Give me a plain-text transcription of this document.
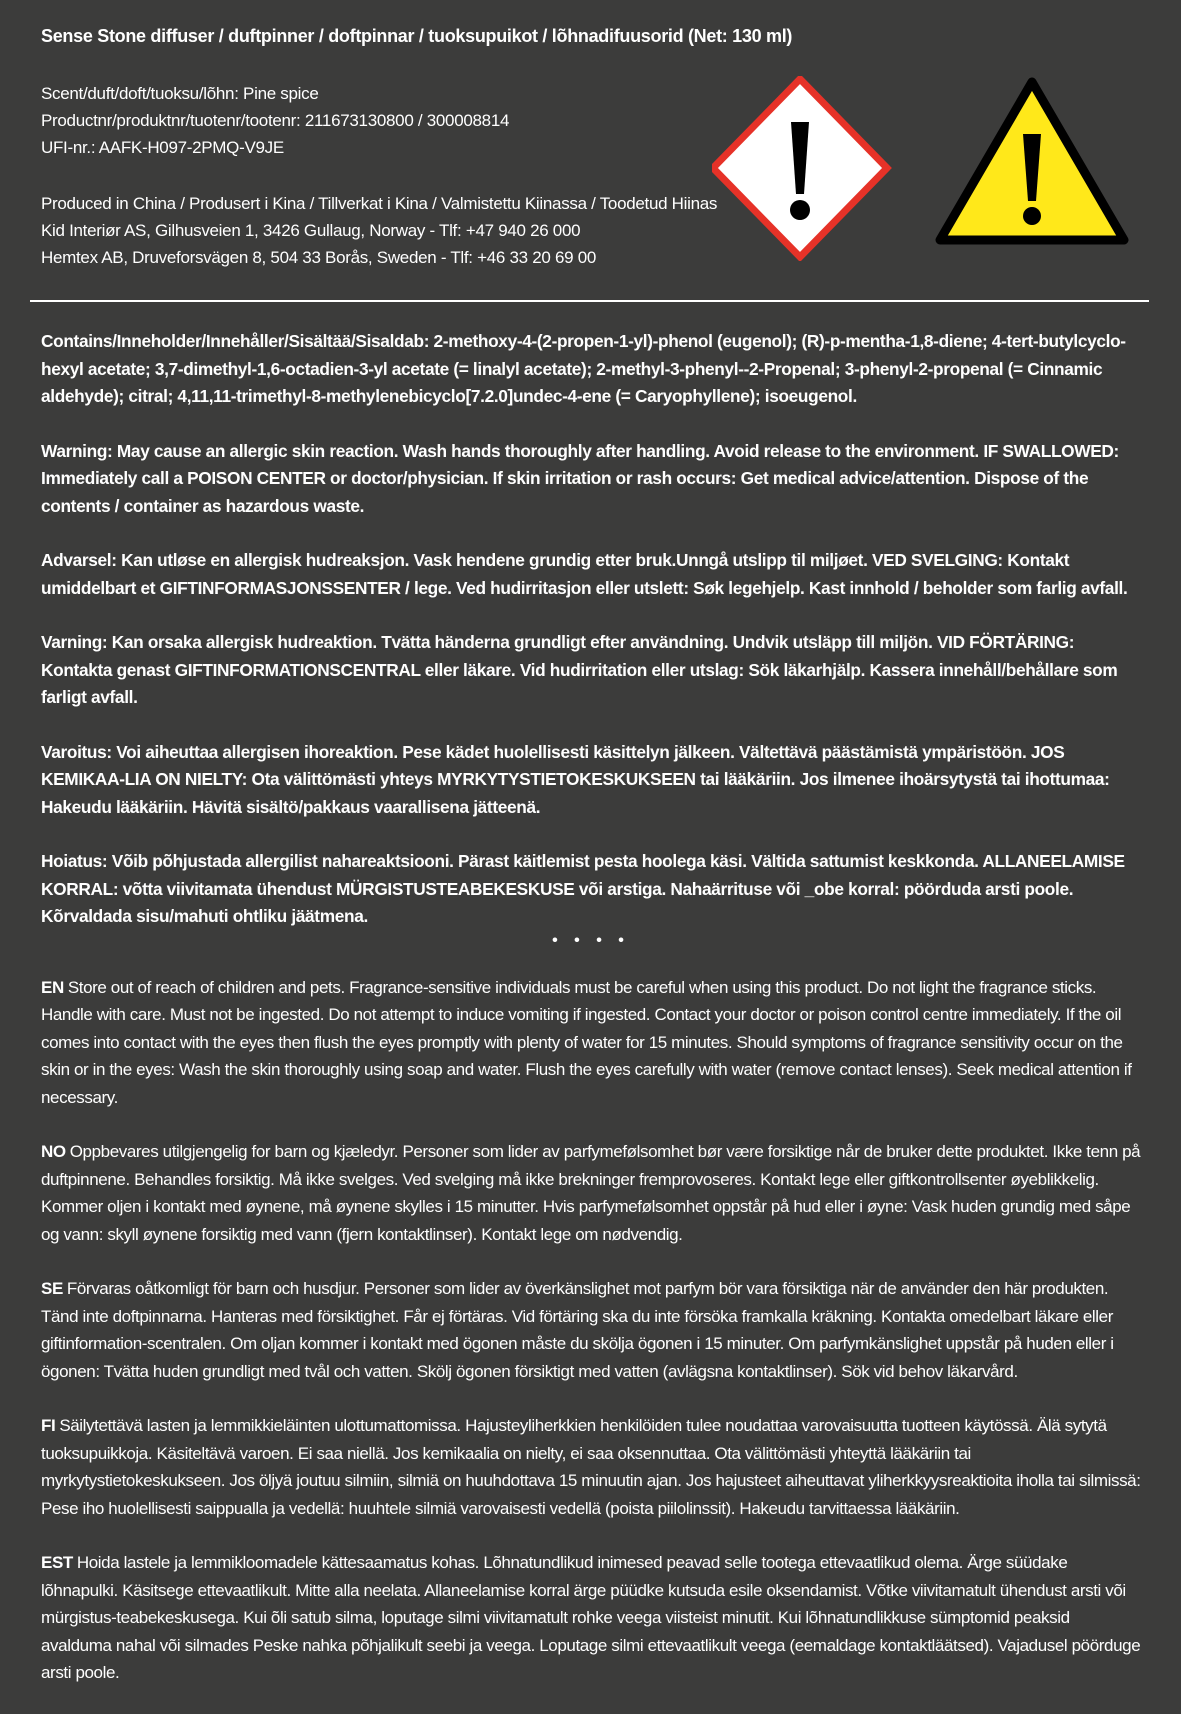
Sense Stone diffuser / duftpinner / doftpinnar / tuoksupuikot / lõhnadifuusorid (Net: 130 ml)
Scent/duft/doft/tuoksu/lõhn: Pine spice
Productnr/produktnr/tuotenr/tootenr: 211673130800 / 300008814
UFI-nr.: AAFK-H097-2PMQ-V9JE
Produced in China / Produsert i Kina / Tillverkat i Kina / Valmistettu Kiinassa / Toodetud Hiinas
Kid Interiør AS, Gilhusveien 1, 3426 Gullaug, Norway - Tlf: +47 940 26 000
Hemtex AB, Druveforsvägen 8, 504 33 Borås, Sweden - Tlf: +46 33 20 69 00

Contains/Inneholder/Innehåller/Sisältää/Sisaldab: 2-methoxy-4-(2-propen-1-yl)-phenol (eugenol); (R)-p-mentha-1,8-diene; 4-tert-butylcyclo-hexyl acetate; 3,7-dimethyl-1,6-octadien-3-yl acetate (= linalyl acetate); 2-methyl-3-phenyl--2-Propenal; 3-phenyl-2-propenal (= Cinnamic aldehyde); citral; 4,11,11-trimethyl-8-methylenebicyclo[7.2.0]undec-4-ene (= Caryophyllene); isoeugenol.

Warning: May cause an allergic skin reaction. Wash hands thoroughly after handling. Avoid release to the environment. IF SWALLOWED: Immediately call a POISON CENTER or doctor/physician. If skin irritation or rash occurs: Get medical advice/attention. Dispose of the contents / container as hazardous waste.

Advarsel: Kan utløse en allergisk hudreaksjon. Vask hendene grundig etter bruk.Unngå utslipp til miljøet. VED SVELGING: Kontakt umiddelbart et GIFTINFORMASJONSSENTER / lege. Ved hudirritasjon eller utslett: Søk legehjelp. Kast innhold / beholder som farlig avfall.

Varning: Kan orsaka allergisk hudreaktion. Tvätta händerna grundligt efter användning. Undvik utsläpp till miljön. VID FÖRTÄRING: Kontakta genast GIFTINFORMATIONSCENTRAL eller läkare. Vid hudirritation eller utslag: Sök läkarhjälp. Kassera innehåll/behållare som farligt avfall.

Varoitus: Voi aiheuttaa allergisen ihoreaktion. Pese kädet huolellisesti käsittelyn jälkeen. Vältettävä päästämistä ympäristöön. JOS KEMIKAA-LIA ON NIELTY: Ota välittömästi yhteys MYRKYTYSTIETOKESKUKSEEN tai lääkäriin. Jos ilmenee ihoärsytystä tai ihottumaa: Hakeudu lääkäriin. Hävitä sisältö/pakkaus vaarallisena jätteenä.

Hoiatus: Võib põhjustada allergilist nahareaktsiooni. Pärast käitlemist pesta hoolega käsi. Vältida sattumist keskkonda. ALLANEELAMISE KORRAL: võtta viivitamata ühendust MÜRGISTUSTEABEKESKUSE või arstiga. Nahaärrituse või _obe korral: pöörduda arsti poole. Kõrvaldada sisu/mahuti ohtliku jäätmena.

• • • •

EN Store out of reach of children and pets. Fragrance-sensitive individuals must be careful when using this product. Do not light the fragrance sticks. Handle with care. Must not be ingested. Do not attempt to induce vomiting if ingested. Contact your doctor or poison control centre immediately. If the oil comes into contact with the eyes then flush the eyes promptly with plenty of water for 15 minutes. Should symptoms of fragrance sensitivity occur on the skin or in the eyes: Wash the skin thoroughly using soap and water. Flush the eyes carefully with water (remove contact lenses). Seek medical attention if necessary.

NO Oppbevares utilgjengelig for barn og kjæledyr. Personer som lider av parfymefølsomhet bør være forsiktige når de bruker dette produktet. Ikke tenn på duftpinnene. Behandles forsiktig. Må ikke svelges. Ved svelging må ikke brekninger fremprovoseres. Kontakt lege eller giftkontrollsenter øyeblikkelig. Kommer oljen i kontakt med øynene, må øynene skylles i 15 minutter. Hvis parfymefølsomhet oppstår på hud eller i øyne: Vask huden grundig med såpe og vann: skyll øynene forsiktig med vann (fjern kontaktlinser). Kontakt lege om nødvendig.

SE Förvaras oåtkomligt för barn och husdjur. Personer som lider av överkänslighet mot parfym bör vara försiktiga när de använder den här produkten. Tänd inte doftpinnarna. Hanteras med försiktighet. Får ej förtäras. Vid förtäring ska du inte försöka framkalla kräkning. Kontakta omedelbart läkare eller giftinformation-scentralen. Om oljan kommer i kontakt med ögonen måste du skölja ögonen i 15 minuter. Om parfymkänslighet uppstår på huden eller i ögonen: Tvätta huden grundligt med tvål och vatten. Skölj ögonen försiktigt med vatten (avlägsna kontaktlinser). Sök vid behov läkarvård.

FI Säilytettävä lasten ja lemmikkieläinten ulottumattomissa. Hajusteyliherkkien henkilöiden tulee noudattaa varovaisuutta tuotteen käytössä. Älä sytytä tuoksupuikkoja. Käsiteltävä varoen. Ei saa niellä. Jos kemikaalia on nielty, ei saa oksennuttaa. Ota välittömästi yhteyttä lääkäriin tai myrkytystietokeskukseen. Jos öljyä joutuu silmiin, silmiä on huuhdottava 15 minuutin ajan. Jos hajusteet aiheuttavat yliherkkyysreaktioita iholla tai silmissä: Pese iho huolellisesti saippualla ja vedellä: huuhtele silmiä varovaisesti vedellä (poista piilolinssit). Hakeudu tarvittaessa lääkäriin.

EST Hoida lastele ja lemmikloomadele kättesaamatus kohas. Lõhnatundlikud inimesed peavad selle tootega ettevaatlikud olema. Ärge süüdake lõhnapulki. Käsitsege ettevaatlikult. Mitte alla neelata. Allaneelamise korral ärge püüdke kutsuda esile oksendamist. Võtke viivitamatult ühendust arsti või mürgistus-teabekeskusega. Kui õli satub silma, loputage silmi viivitamatult rohke veega viisteist minutit. Kui lõhnatundlikkuse sümptomid peaksid avalduma nahal või silmades Peske nahka põhjalikult seebi ja veega. Loputage silmi ettevaatlikult veega (eemaldage kontaktläätsed). Vajadusel pöörduge arsti poole.
